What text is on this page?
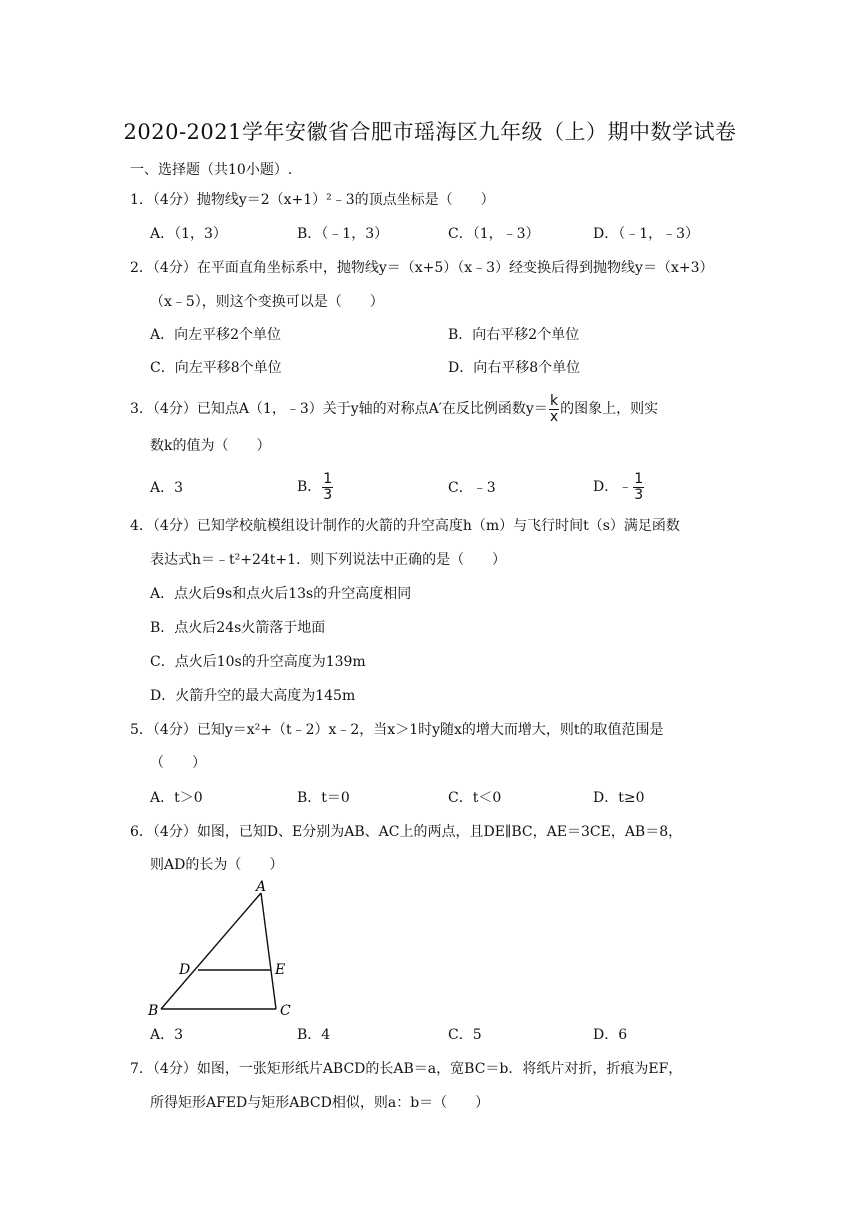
2020-2021学年安徽省合肥市瑶海区九年级（上）期中数学试卷
一、选择题（共10小题）.
1．（4分）抛物线y＝2（x+1）²﹣3的顶点坐标是（　　）
A．（1，3）	B．（﹣1，3）	C．（1，﹣3）	D．（﹣1，﹣3）
2．（4分）在平面直角坐标系中，抛物线y＝（x+5）（x﹣3）经变换后得到抛物线y＝（x+3）
（x﹣5），则这个变换可以是（　　）
A．向左平移2个单位	B．向右平移2个单位
C．向左平移8个单位	D．向右平移8个单位
3．（4分）已知点A（1，﹣3）关于y轴的对称点A′在反比例函数$y= \frac{k}{x}$ 的图象上，则实
数k的值为（　　）
A．3	B． $\frac{1}{3}$	C．﹣3	D．﹣ $\frac{1}{3}$
4．（4分）已知学校航模组设计制作的火箭的升空高度h（m）与飞行时间t（s）满足函数
表达式h＝﹣t²+24t+1．则下列说法中正确的是（　　）
A．点火后9s和点火后13s的升空高度相同
B．点火后24s火箭落于地面
C．点火后10s的升空高度为139m
D．火箭升空的最大高度为145m
5．（4分）已知y＝x²+（t﹣2）x﹣2，当x＞1时y随x的增大而增大，则t的取值范围是
（　　）
A．t＞0	B．t＝0	C．t＜0	D．t≥0
6．（4分）如图，已知D、E分别为AB、AC上的两点，且DE∥BC，AE＝3CE，AB＝8，
则AD的长为（　　）
A
B	C
D	E
A．3	B．4	C．5	D．6
7．（4分）如图，一张矩形纸片ABCD的长AB＝a，宽BC＝b．将纸片对折，折痕为EF，
所得矩形AFED与矩形ABCD相似，则a：b＝（　　）
